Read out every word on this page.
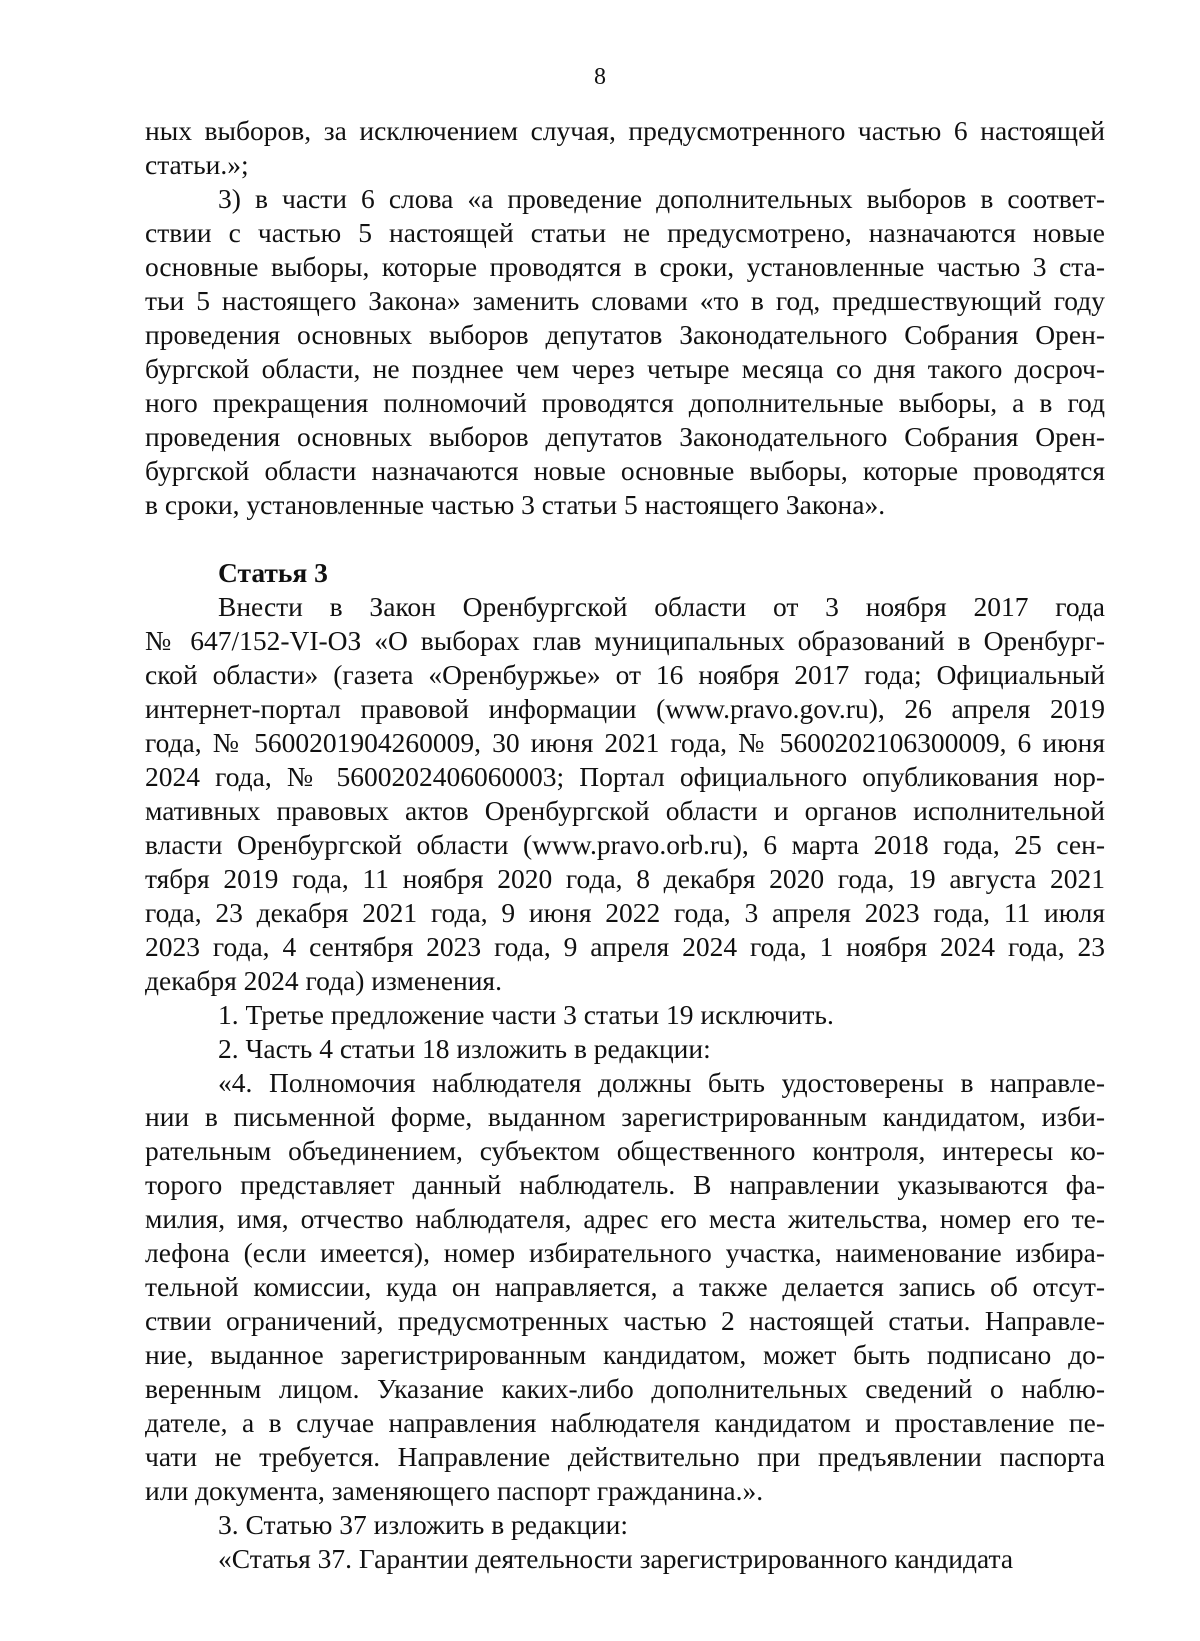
8
ных выборов, за исключением случая, предусмотренного частью 6 настоящей
статьи.»;
3) в части 6 слова «а проведение дополнительных выборов в соответ-
ствии с частью 5 настоящей статьи не предусмотрено, назначаются новые
основные выборы, которые проводятся в сроки, установленные частью 3 ста-
тьи 5 настоящего Закона» заменить словами «то в год, предшествующий году
проведения основных выборов депутатов Законодательного Собрания Орен-
бургской области, не позднее чем через четыре месяца со дня такого досроч-
ного прекращения полномочий проводятся дополнительные выборы, а в год
проведения основных выборов депутатов Законодательного Собрания Орен-
бургской области назначаются новые основные выборы, которые проводятся
в сроки, установленные частью 3 статьи 5 настоящего Закона».
Статья 3
Внести в Закон Оренбургской области от 3 ноября 2017 года
№ 647/152-VI-ОЗ «О выборах глав муниципальных образований в Оренбург-
ской области» (газета «Оренбуржье» от 16 ноября 2017 года; Официальный
интернет-портал правовой информации (www.pravo.gov.ru), 26 апреля 2019
года, № 5600201904260009, 30 июня 2021 года, № 5600202106300009, 6 июня
2024 года, № 5600202406060003; Портал официального опубликования нор-
мативных правовых актов Оренбургской области и органов исполнительной
власти Оренбургской области (www.pravo.orb.ru), 6 марта 2018 года, 25 сен-
тября 2019 года, 11 ноября 2020 года, 8 декабря 2020 года, 19 августа 2021
года, 23 декабря 2021 года, 9 июня 2022 года, 3 апреля 2023 года, 11 июля
2023 года, 4 сентября 2023 года, 9 апреля 2024 года, 1 ноября 2024 года, 23
декабря 2024 года) изменения.
1. Третье предложение части 3 статьи 19 исключить.
2. Часть 4 статьи 18 изложить в редакции:
«4. Полномочия наблюдателя должны быть удостоверены в направле-
нии в письменной форме, выданном зарегистрированным кандидатом, изби-
рательным объединением, субъектом общественного контроля, интересы ко-
торого представляет данный наблюдатель. В направлении указываются фа-
милия, имя, отчество наблюдателя, адрес его места жительства, номер его те-
лефона (если имеется), номер избирательного участка, наименование избира-
тельной комиссии, куда он направляется, а также делается запись об отсут-
ствии ограничений, предусмотренных частью 2 настоящей статьи. Направле-
ние, выданное зарегистрированным кандидатом, может быть подписано до-
веренным лицом. Указание каких-либо дополнительных сведений о наблю-
дателе, а в случае направления наблюдателя кандидатом и проставление пе-
чати не требуется. Направление действительно при предъявлении паспорта
или документа, заменяющего паспорт гражданина.».
3. Статью 37 изложить в редакции:
«Статья 37. Гарантии деятельности зарегистрированного кандидата
